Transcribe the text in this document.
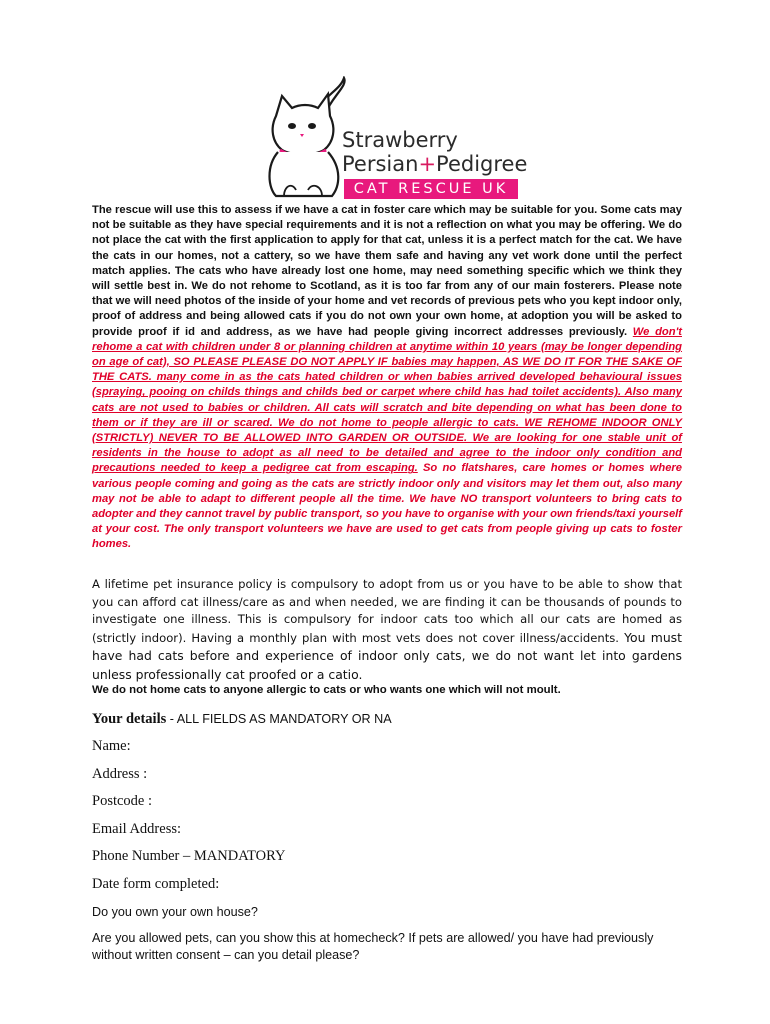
Strawberry
Persian+Pedigree
CAT RESCUE UK
The rescue will use this to assess if we have a cat in foster care which may be suitable for you. Some cats may not be suitable as they have special requirements and it is not a reflection on what you may be offering. We do not place the cat with the first application to apply for that cat, unless it is a perfect match for the cat. We have the cats in our homes, not a cattery, so we have them safe and having any vet work done until the perfect match applies. The cats who have already lost one home, may need something specific which we think they will settle best in. We do not rehome to Scotland, as it is too far from any of our main fosterers. Please note that we will need photos of the inside of your home and vet records of previous pets who you kept indoor only, proof of address and being allowed cats if you do not own your own home, at adoption you will be asked to provide proof if id and address, as we have had people giving incorrect addresses previously. We don't rehome a cat with children under 8 or planning children at anytime within 10 years (may be longer depending on age of cat), SO PLEASE PLEASE DO NOT APPLY IF babies may happen, AS WE DO IT FOR THE SAKE OF THE CATS. many come in as the cats hated children or when babies arrived developed behavioural issues (spraying, pooing on childs things and childs bed or carpet where child has had toilet accidents). Also many cats are not used to babies or children. All cats will scratch and bite depending on what has been done to them or if they are ill or scared. We do not home to people allergic to cats. WE REHOME INDOOR ONLY (STRICTLY) NEVER TO BE ALLOWED INTO GARDEN OR OUTSIDE. We are looking for one stable unit of residents in the house to adopt as all need to be detailed and agree to the indoor only condition and precautions needed to keep a pedigree cat from escaping. So no flatshares, care homes or homes where various people coming and going as the cats are strictly indoor only and visitors may let them out, also many may not be able to adapt to different people all the time. We have NO transport volunteers to bring cats to adopter and they cannot travel by public transport, so you have to organise with your own friends/taxi yourself at your cost. The only transport volunteers we have are used to get cats from people giving up cats to foster homes.
A lifetime pet insurance policy is compulsory to adopt from us or you have to be able to show that you can afford cat illness/care as and when needed, we are finding it can be thousands of pounds to investigate one illness. This is compulsory for indoor cats too which all our cats are homed as (strictly indoor). Having a monthly plan with most vets does not cover illness/accidents. You must have had cats before and experience of indoor only cats, we do not want let into gardens unless professionally cat proofed or a catio.
We do not home cats to anyone allergic to cats or who wants one which will not moult.
Your details - ALL FIELDS AS MANDATORY OR NA
Name:
Address :
Postcode :
Email Address:
Phone Number – MANDATORY
Date form completed:
Do you own your own house?
Are you allowed pets, can you show this at homecheck? If pets are allowed/ you have had previously without written consent – can you detail please?
